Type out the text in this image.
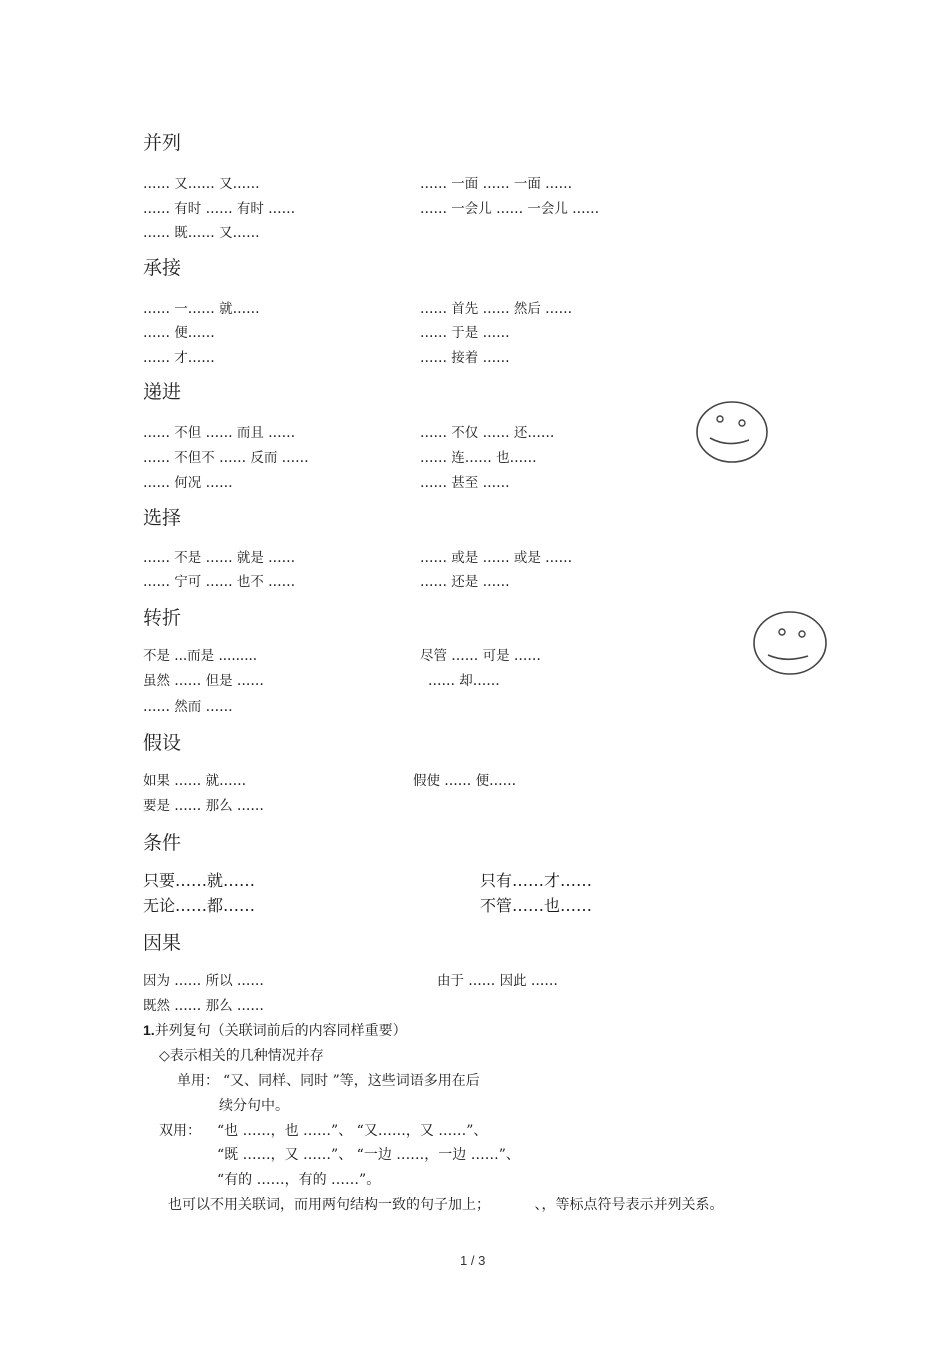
并列
…… 又…… 又……
…… 有时 …… 有时 ……
…… 既…… 又……
…… 一面 …… 一面 ……
…… 一会儿 …… 一会儿 ……
承接
…… 一…… 就……
…… 便……
…… 才……
…… 首先 …… 然后 ……
…… 于是 ……
…… 接着 ……
递进
…… 不但 …… 而且 ……
…… 不但不 …… 反而 ……
…… 何况 ……
…… 不仅 …… 还……
…… 连…… 也……
…… 甚至 ……
选择
…… 不是 …… 就是 ……
…… 宁可 …… 也不 ……
…… 或是 …… 或是 ……
…… 还是 ……
转折
不是 ...而是 .........
虽然 …… 但是 ……
…… 然而 ……
尽管 …… 可是 ……
…… 却……
假设
如果 …… 就……
要是 …… 那么 ……
假使 …… 便……
条件
只要……就……
无论……都……
只有……才……
不管……也……
因果
因为 …… 所以 ……
既然 …… 那么 ……
由于 …… 因此 ……
1.并列复句（关联词前后的内容同样重要）
◇表示相关的几种情况并存
单用： “又、同样、同时 ”等，这些词语多用在后
续分句中。
双用： “也 ……，也 ……”、 “又……，又 ……”、
“既 ……，又 ……”、 “一边 ……，一边 ……”、
“有的 ……，有的 ……”。
也可以不用关联词，而用两句结构一致的句子加上；          、，等标点符号表示并列关系。
1 / 3
